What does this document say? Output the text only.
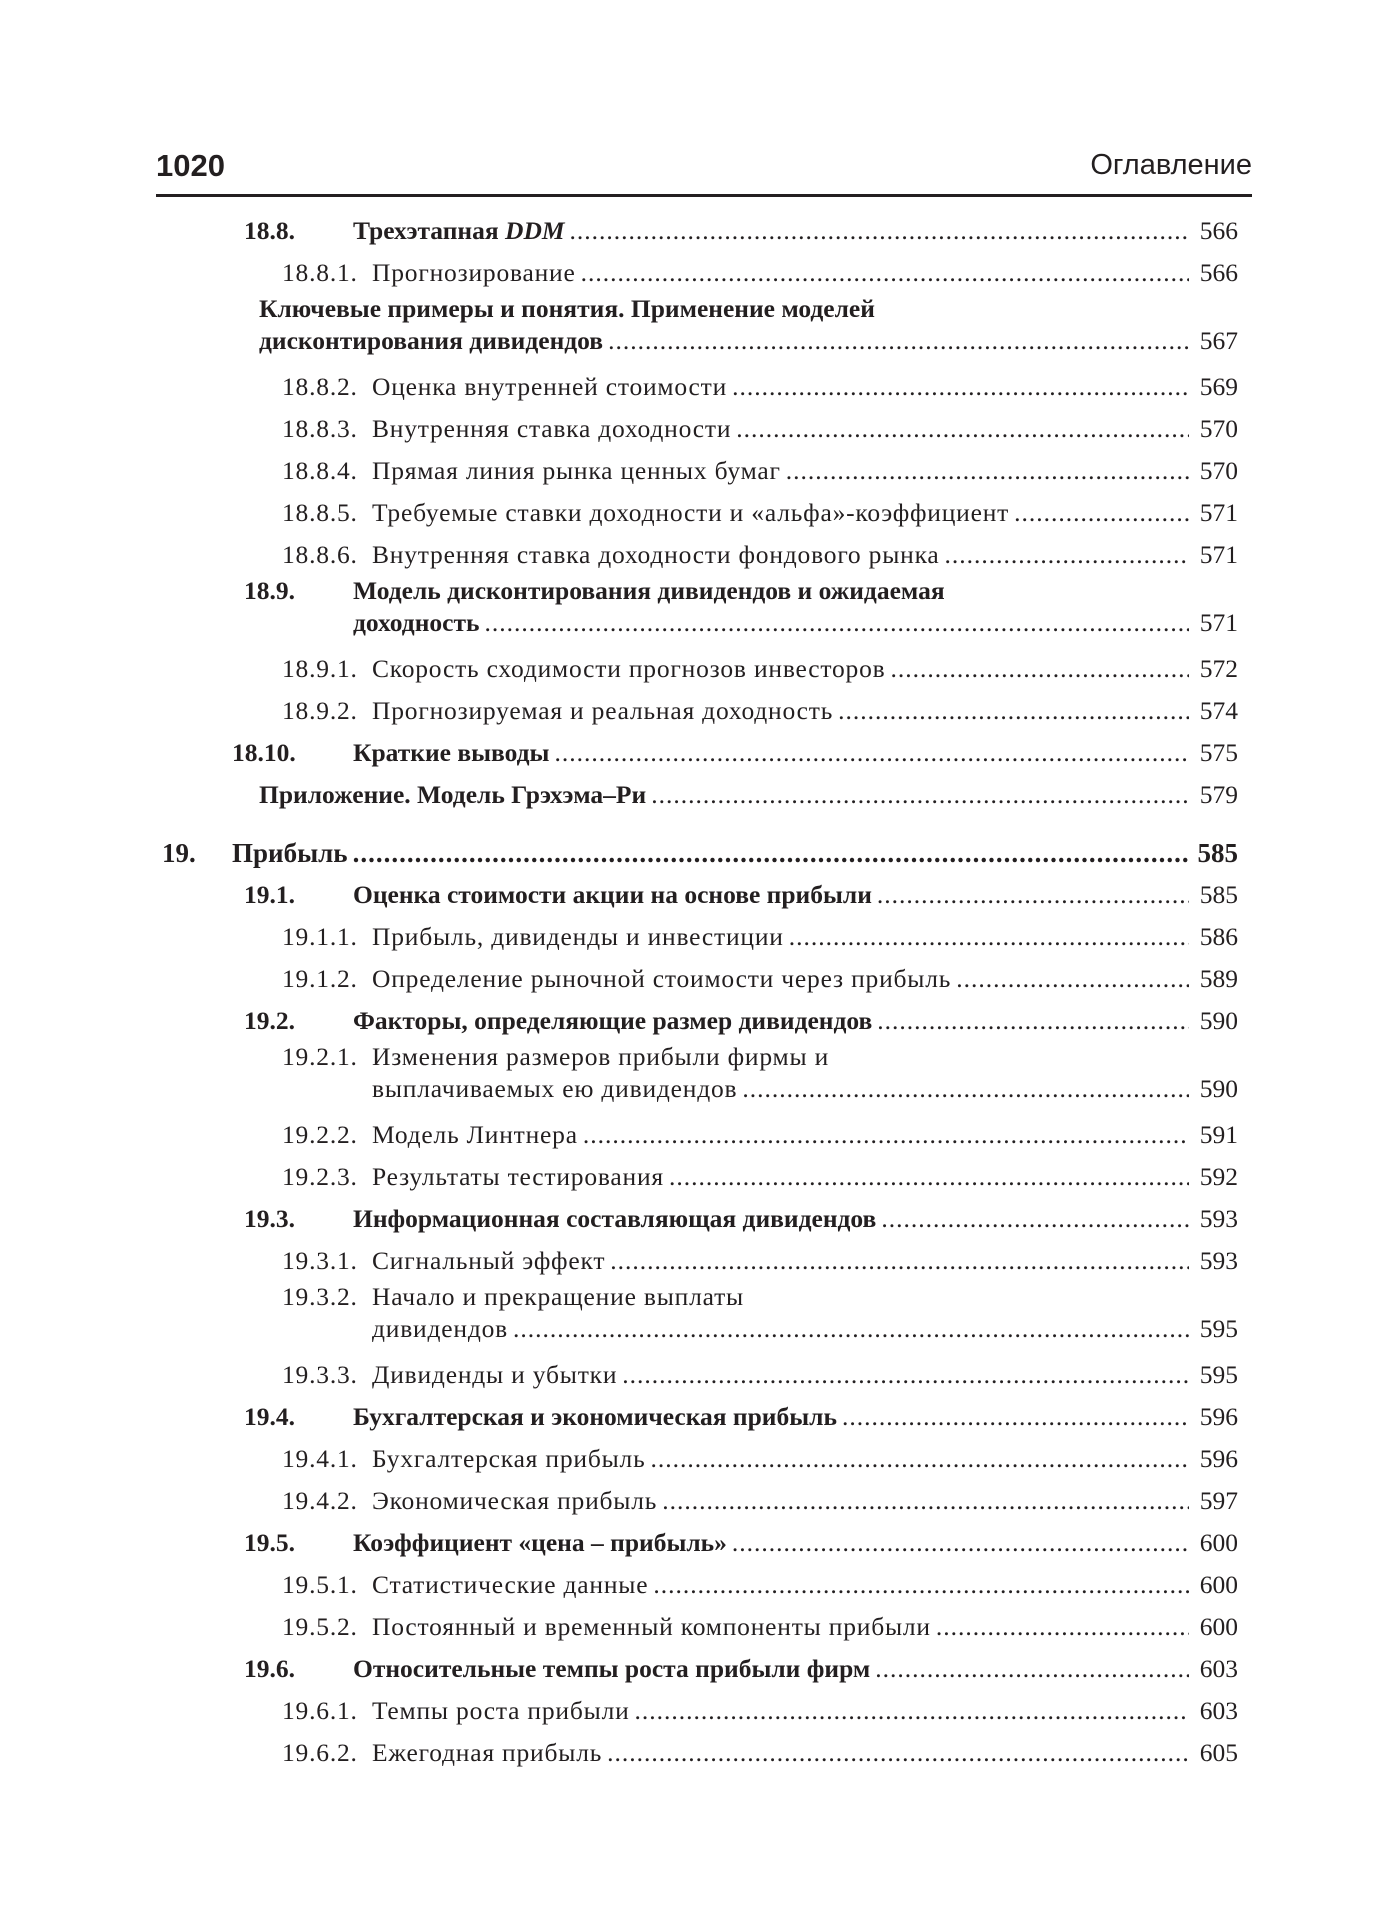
1020	Оглавление
18.8. Трехэтапная DDM .....	566
18.8.1. Прогнозирование .....	566
Ключевые примеры и понятия. Применение моделей
дисконтирования дивидендов .....	567
18.8.2. Оценка внутренней стоимости .....	569
18.8.3. Внутренняя ставка доходности .....	570
18.8.4. Прямая линия рынка ценных бумаг .....	570
18.8.5. Требуемые ставки доходности и «альфа»-коэффициент .....	571
18.8.6. Внутренняя ставка доходности фондового рынка .....	571
18.9. Модель дисконтирования дивидендов и ожидаемая
доходность .....	571
18.9.1. Скорость сходимости прогнозов инвесторов .....	572
18.9.2. Прогнозируемая и реальная доходность .....	574
18.10. Краткие выводы .....	575
Приложение. Модель Грэхэма–Ри .....	579
19. Прибыль .....	585
19.1. Оценка стоимости акции на основе прибыли .....	585
19.1.1. Прибыль, дивиденды и инвестиции .....	586
19.1.2. Определение рыночной стоимости через прибыль .....	589
19.2. Факторы, определяющие размер дивидендов .....	590
19.2.1. Изменения размеров прибыли фирмы и
выплачиваемых ею дивидендов .....	590
19.2.2. Модель Линтнера .....	591
19.2.3. Результаты тестирования .....	592
19.3. Информационная составляющая дивидендов .....	593
19.3.1. Сигнальный эффект .....	593
19.3.2. Начало и прекращение выплаты
дивидендов .....	595
19.3.3. Дивиденды и убытки .....	595
19.4. Бухгалтерская и экономическая прибыль .....	596
19.4.1. Бухгалтерская прибыль .....	596
19.4.2. Экономическая прибыль .....	597
19.5. Коэффициент «цена – прибыль» .....	600
19.5.1. Статистические данные .....	600
19.5.2. Постоянный и временный компоненты прибыли .....	600
19.6. Относительные темпы роста прибыли фирм .....	603
19.6.1. Темпы роста прибыли .....	603
19.6.2. Ежегодная прибыль .....	605
